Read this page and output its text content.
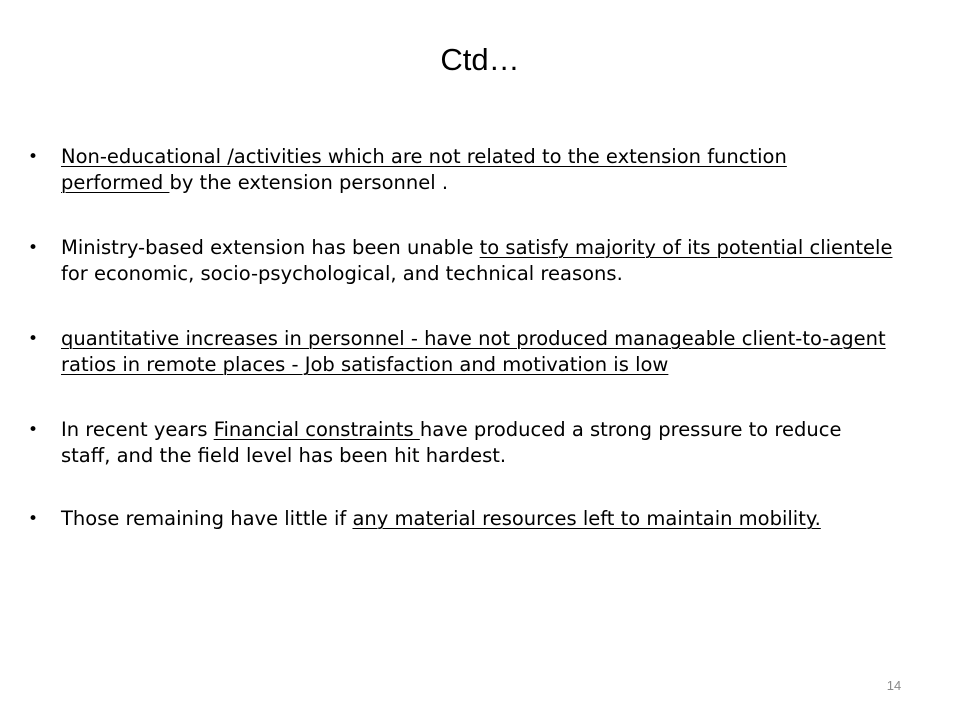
Ctd…
• Non-educational /activities which are not related to the extension function performed by the extension personnel .
• Ministry-based extension has been unable to satisfy majority of its potential clientele for economic, socio-psychological, and technical reasons.
• quantitative increases in personnel - have not produced manageable client-to-agent ratios in remote places - Job satisfaction and motivation is low
• In recent years Financial constraints have produced a strong pressure to reduce staff, and the field level has been hit hardest.
• Those remaining have little if any material resources left to maintain mobility.
14
